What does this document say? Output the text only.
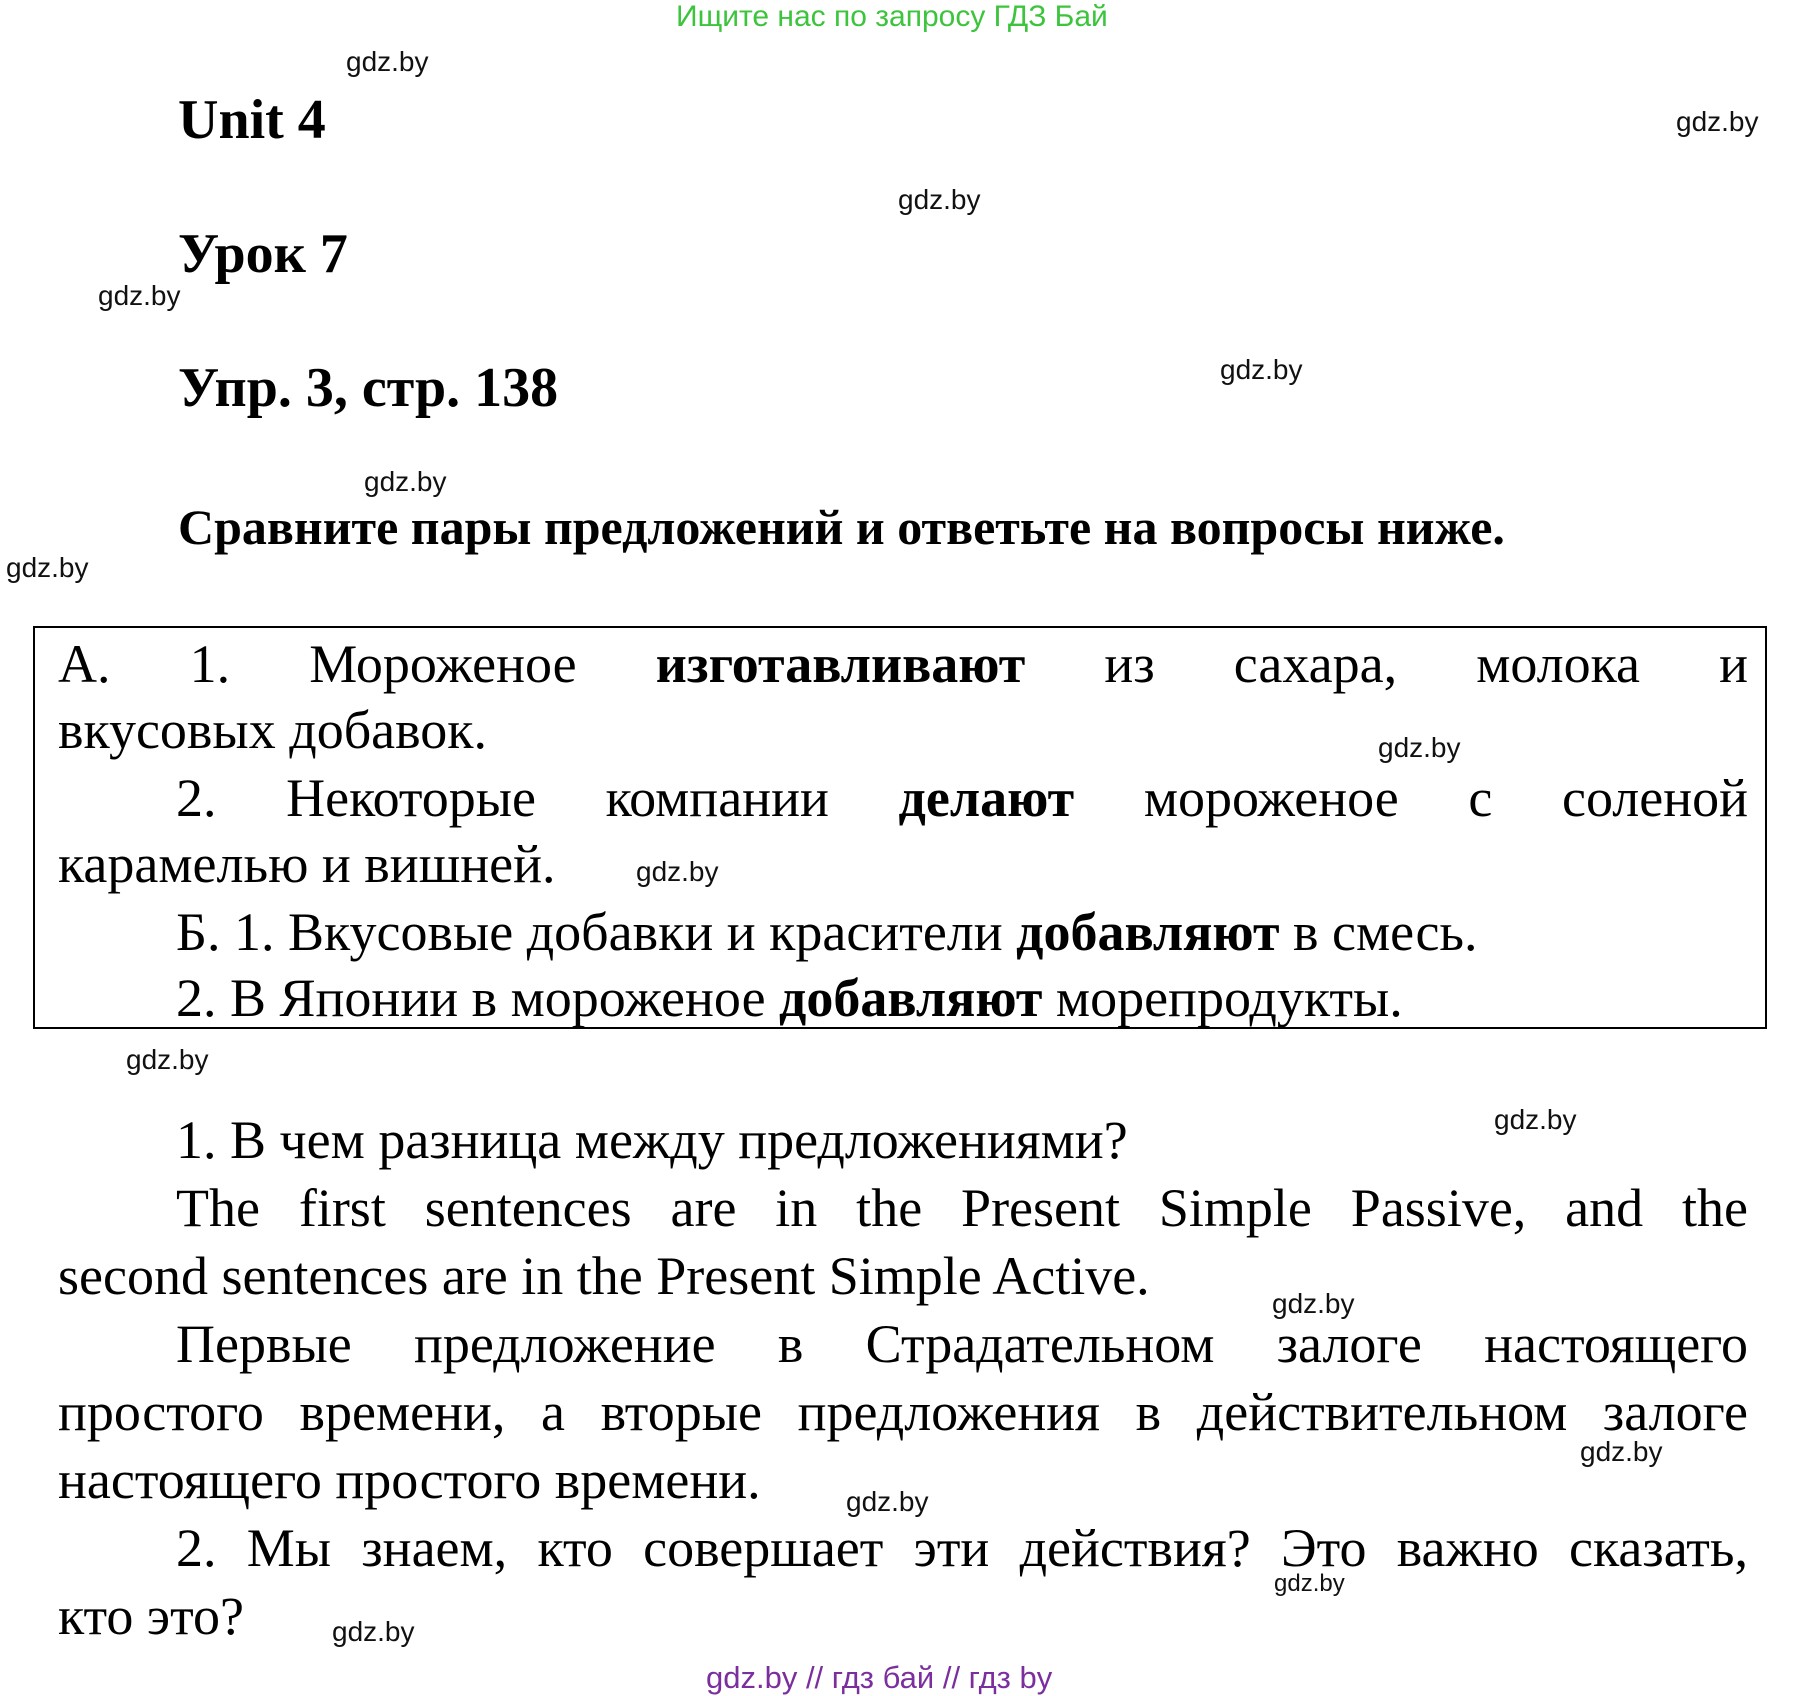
Ищите нас по запросу ГДЗ Бай
Unit 4
Урок 7
Упр. 3, стр. 138
Сравните пары предложений и ответьте на вопросы ниже.
А. 1. Мороженое изготавливают из сахара, молока и
вкусовых добавок.
2. Некоторые компании делают мороженое с соленой
карамелью и вишней.
Б. 1. Вкусовые добавки и красители добавляют в смесь.
2. В Японии в мороженое добавляют морепродукты.
1. В чем разница между предложениями?
The first sentences are in the Present Simple Passive, and the
second sentences are in the Present Simple Active.
Первые предложение в Страдательном залоге настоящего
простого времени, а вторые предложения в действительном залоге
настоящего простого времени.
2. Мы знаем, кто совершает эти действия? Это важно сказать,
кто это?
gdz.by
gdz.by
gdz.by
gdz.by
gdz.by
gdz.by
gdz.by
gdz.by
gdz.by
gdz.by
gdz.by
gdz.by
gdz.by
gdz.by
gdz.by
gdz.by
gdz.by // гдз бай // гдз by
